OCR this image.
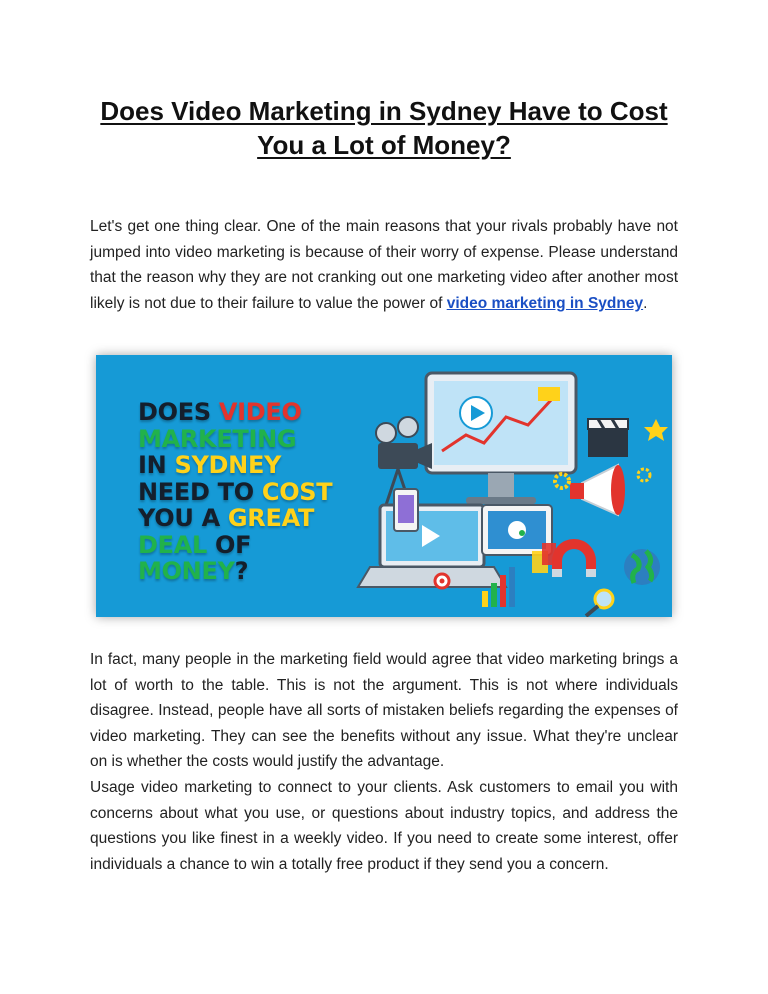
Does Video Marketing in Sydney Have to Cost
You a Lot of Money?

Let's get one thing clear. One of the main reasons that your rivals probably have not jumped into video marketing is because of their worry of expense. Please understand that the reason why they are not cranking out one marketing video after another most likely is not due to their failure to value the power of video marketing in Sydney.

DOES VIDEO
MARKETING
IN SYDNEY
NEED TO COST
YOU A GREAT
DEAL OF
MONEY?

In fact, many people in the marketing field would agree that video marketing brings a lot of worth to the table. This is not the argument. This is not where individuals disagree. Instead, people have all sorts of mistaken beliefs regarding the expenses of video marketing. They can see the benefits without any issue. What they're unclear on is whether the costs would justify the advantage.

Usage video marketing to connect to your clients. Ask customers to email you with concerns about what you use, or questions about industry topics, and address the questions you like finest in a weekly video. If you need to create some interest, offer individuals a chance to win a totally free product if they send you a concern.
